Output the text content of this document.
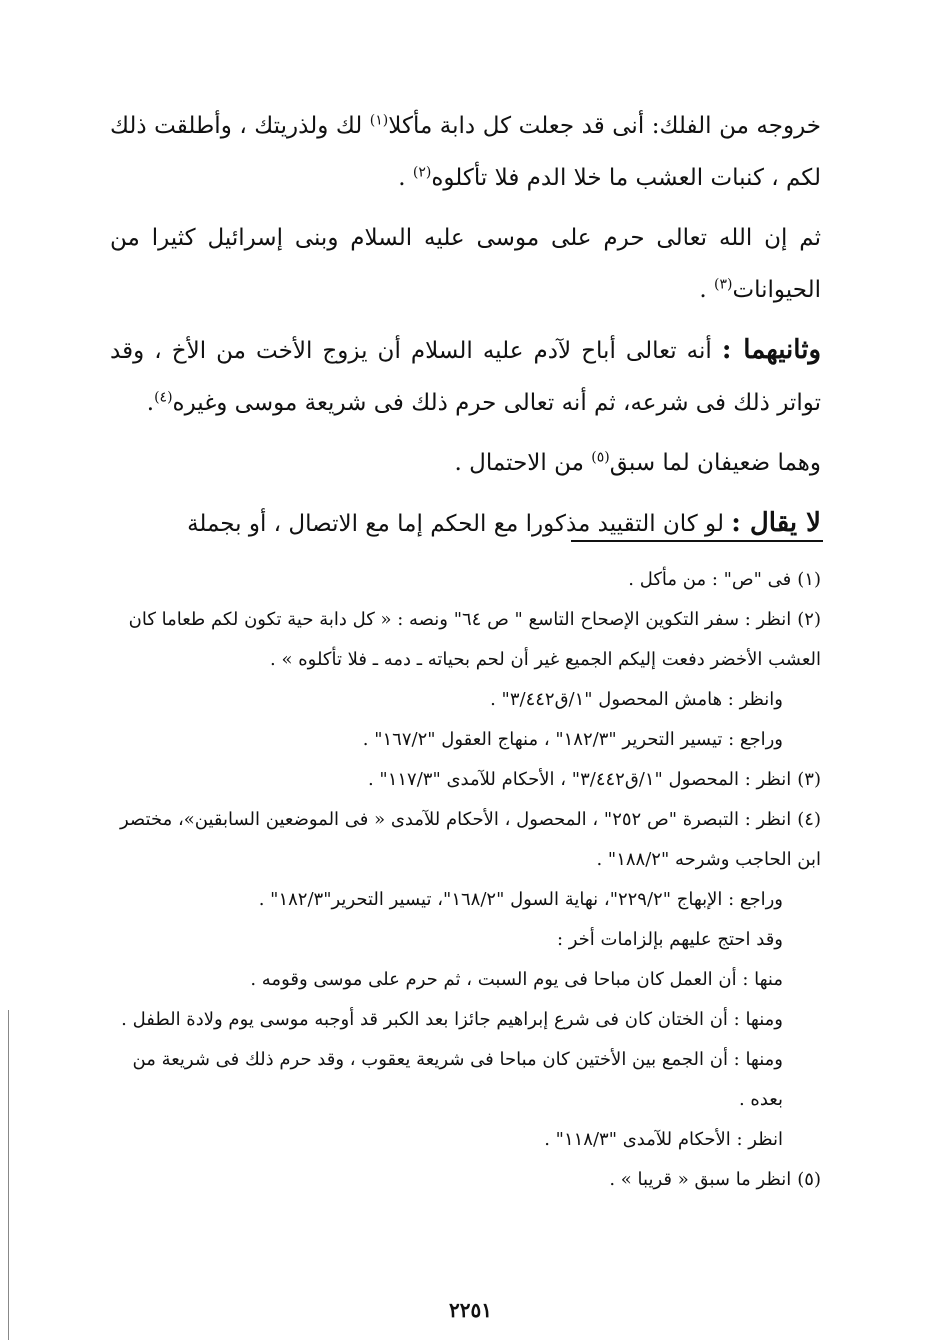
خروجه من الفلك: أنى قد جعلت كل دابة مأكلا$^{(١)}$ لك ولذريتك ، وأطلقت ذلك لكم ، كنبات العشب ما خلا الدم فلا تأكلوه$^{(٢)}$ .

ثم إن الله تعالى حرم على موسى عليه السلام وبنى إسرائيل كثيرا من الحيوانات$^{(٣)}$ .

وثانيهما : أنه تعالى أباح لآدم عليه السلام أن يزوج الأخت من الأخ ، وقد تواتر ذلك فى شرعه، ثم أنه تعالى حرم ذلك فى شريعة موسى وغيره$^{(٤)}$.

وهما ضعيفان لما سبق$^{(٥)}$ من الاحتمال .

لا يقال : لو كان التقييد مذكورا مع الحكم إما مع الاتصال ، أو بجملة

(١)فى "ص" : من مأكل .

(٢)انظر : سفر التكوين الإصحاح التاسع " ص ٦٤" ونصه : « كل دابة حية تكون لكم طعاما كان العشب الأخضر دفعت إليكم الجميع غير أن لحم بحياته ـ دمه ـ فلا تأكلوه » .

وانظر : هامش المحصول "١/ق٣/٤٤٢" .

وراجع : تيسير التحرير "١٨٢/٣" ، منهاج العقول "١٦٧/٢" .

(٣)انظر : المحصول "١/ق٣/٤٤٢" ، الأحكام للآمدى "١١٧/٣" .

(٤)انظر : التبصرة "ص ٢٥٢" ، المحصول ، الأحكام للآمدى « فى الموضعين السابقين»، مختصر ابن الحاجب وشرحه "١٨٨/٢" .

وراجع : الإبهاج "٢٢٩/٢"، نهاية السول "١٦٨/٢"، تيسير التحرير"١٨٢/٣" .

وقد احتج عليهم بإلزامات أخر :

منها : أن العمل كان مباحا فى يوم السبت ، ثم حرم على موسى وقومه .

ومنها : أن الختان كان فى شرع إبراهيم جائزا بعد الكبر قد أوجبه موسى يوم ولادة الطفل .

ومنها : أن الجمع بين الأختين كان مباحا فى شريعة يعقوب ، وقد حرم ذلك فى شريعة من بعده .

انظر : الأحكام للآمدى "١١٨/٣" .

(٥)انظر ما سبق « قريبا » .

٢٢٥١
